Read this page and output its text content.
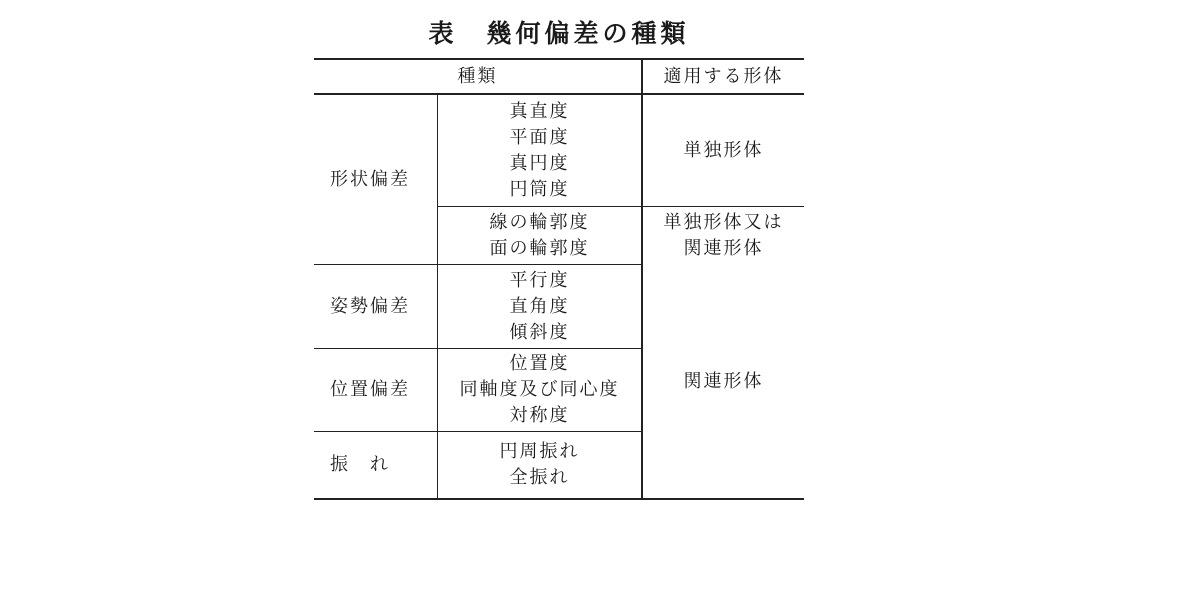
表　幾何偏差の種類
種類	適用する形体
形状偏差
姿勢偏差
位置偏差
振　れ
真直度
平面度
真円度
円筒度
線の輪郭度
面の輪郭度
平行度
直角度
傾斜度
位置度
同軸度及び同心度
対称度
円周振れ
全振れ
単独形体
単独形体又は
関連形体
関連形体
